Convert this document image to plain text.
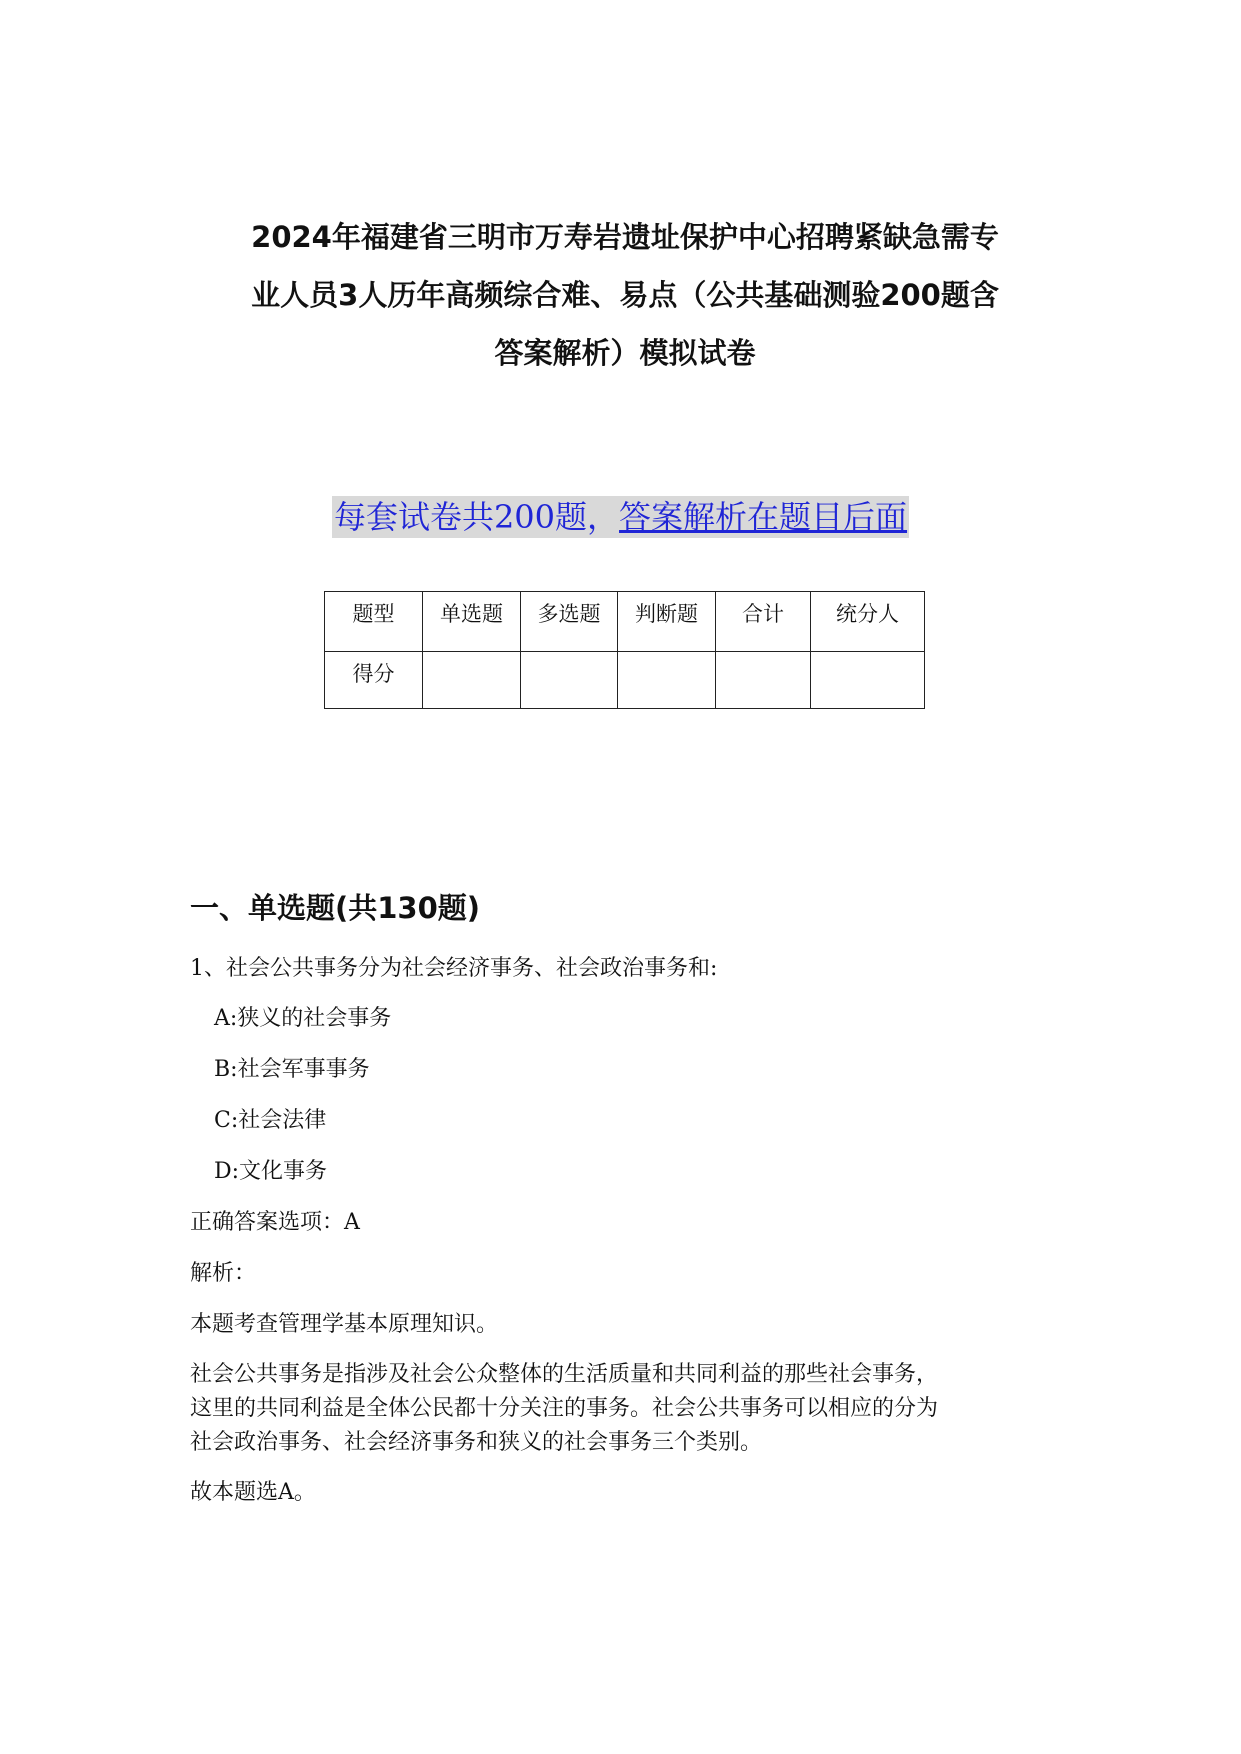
2024年福建省三明市万寿岩遗址保护中心招聘紧缺急需专
业人员3人历年高频综合难、易点（公共基础测验200题含
答案解析）模拟试卷

每套试卷共200题，答案解析在题目后面

题型	单选题	多选题	判断题	合计	统分人
得分					
一、单选题(共130题)

1、社会公共事务分为社会经济事务、社会政治事务和:

A:狭义的社会事务

B:社会军事事务

C:社会法律

D:文化事务

正确答案选项：A

解析：

本题考查管理学基本原理知识。

社会公共事务是指涉及社会公众整体的生活质量和共同利益的那些社会事务，
这里的共同利益是全体公民都十分关注的事务。社会公共事务可以相应的分为
社会政治事务、社会经济事务和狭义的社会事务三个类别。

故本题选A。
